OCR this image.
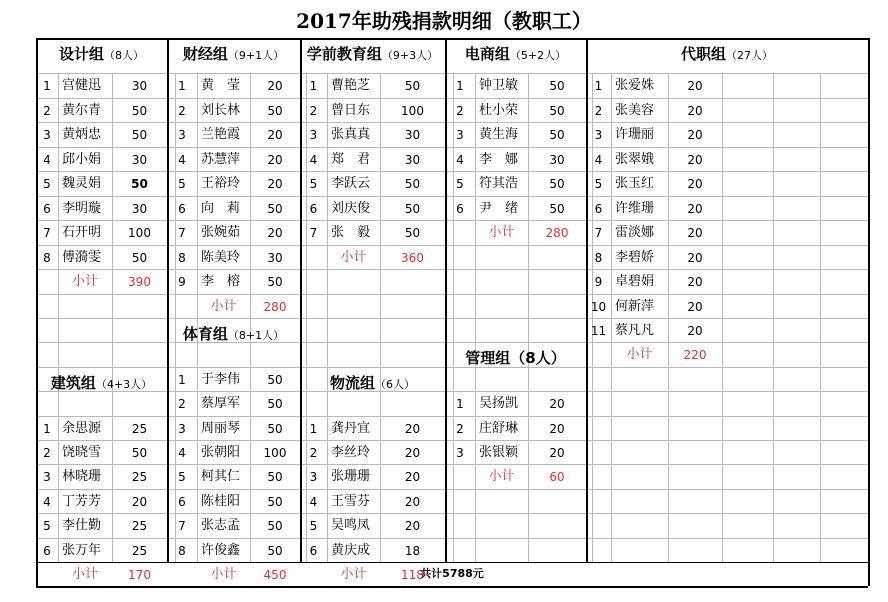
2017年助残捐款明细（教职工）
设计组（8人）	财经组（9+1人）	学前教育组（9+3人）	电商组（5+2人）	代职组（27人）
体育组（8+1人）
建筑组（4+3人）	物流组（6人）
管理组（8人）
1 宫健迅	30
2 黄尔青	50
3 黄炳忠	50
4 邱小娟	30
5 魏灵娟	50
6 李明璇	30
7 石开明	100
8 傅漪雯	50
小计	390
1	黄　莹	20
2	刘长林	50
3	兰艳霞	20
4	苏慧萍	20
5	王裕玲	20
6	向　莉	50
7	张婉茹	20
8	陈美玲	30
9	李　榕	50
小计	280
1	曹艳芝	50
2	曾日东	100
3	张真真	30
4	郑　君	30
5	李跃云	50
6	刘庆俊	50
7	张　毅	50
小计	360
1	钟卫敏	50
2	杜小荣	50
3	黄生海	50
4	李　娜	30
5	符其浩	50
6	尹　绪	50
小计	280
1 张爱姝	20
2 张美容	20
3 许珊丽	20
4 张翠娥	20
5 张玉红	20
6 许维珊	20
7 雷淡娜	20
8 李碧娇	20
9 卓碧娟	20
10 何新萍	20
11 蔡凡凡	20
小计	220
1	于李伟	50
2	蔡厚军	50
3	周丽琴	50
4	张朝阳	100
5	柯其仁	50
6	陈桂阳	50
7	张志孟	50
8	许俊鑫	50
小计	450
1 余思源	25
2 饶晓雪	50
3 林晓珊	25
4 丁芳芳	20
5 李仕勤	25
6 张万年	25
小计	170
1	龚丹宜	20
2	李丝玲	20
3	张珊珊	20
4	王雪芬	20
5	吴鸣凤	20
6	黄庆成	18
小计	118
1	吴扬凯	20
2	庄舒琳	20
3	张银颖	20
小计	60
共计5788元
